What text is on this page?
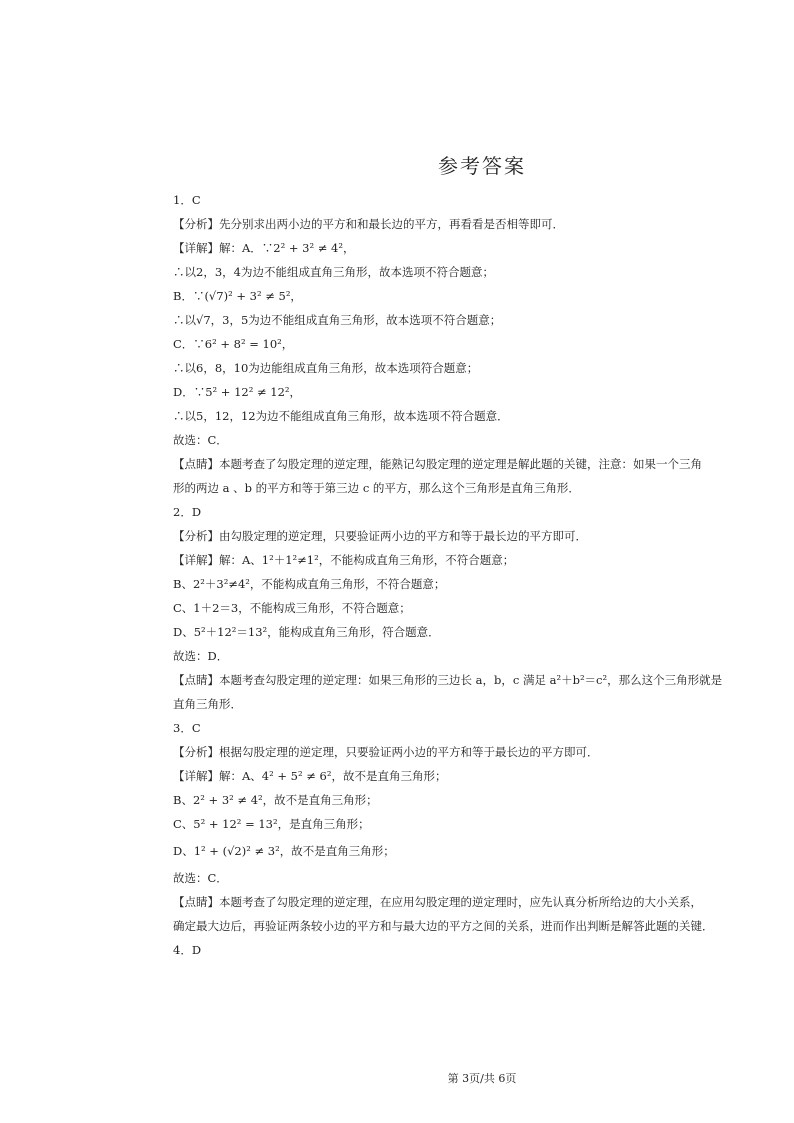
参考答案
1．C
【分析】先分别求出两小边的平方和和最长边的平方，再看看是否相等即可．
【详解】解：A．∵2² + 3² ≠ 4²，
∴以2，3，4为边不能组成直角三角形，故本选项不符合题意；
B．∵(√7)² + 3² ≠ 5²，
∴以√7，3，5为边不能组成直角三角形，故本选项不符合题意；
C．∵6² + 8² = 10²，
∴以6，8，10为边能组成直角三角形，故本选项符合题意；
D．∵5² + 12² ≠ 12²，
∴以5，12，12为边不能组成直角三角形，故本选项不符合题意．
故选：C．
【点睛】本题考查了勾股定理的逆定理，能熟记勾股定理的逆定理是解此题的关键，注意：如果一个三角
形的两边 a 、b 的平方和等于第三边 c 的平方，那么这个三角形是直角三角形．
2．D
【分析】由勾股定理的逆定理，只要验证两小边的平方和等于最长边的平方即可．
【详解】解：A、1²＋1²≠1²，不能构成直角三角形，不符合题意；
B、2²＋3²≠4²，不能构成直角三角形，不符合题意；
C、1＋2＝3，不能构成三角形，不符合题意；
D、5²＋12²＝13²，能构成直角三角形，符合题意．
故选：D．
【点睛】本题考查勾股定理的逆定理：如果三角形的三边长 a，b，c 满足 a²＋b²＝c²，那么这个三角形就是
直角三角形．
3．C
【分析】根据勾股定理的逆定理，只要验证两小边的平方和等于最长边的平方即可．
【详解】解：A、4² + 5² ≠ 6²，故不是直角三角形；
B、2² + 3² ≠ 4²，故不是直角三角形；
C、5² + 12² = 13²，是直角三角形；
D、1² + (√2)² ≠ 3²，故不是直角三角形；
故选：C．
【点睛】本题考查了勾股定理的逆定理，在应用勾股定理的逆定理时，应先认真分析所给边的大小关系，
确定最大边后，再验证两条较小边的平方和与最大边的平方之间的关系，进而作出判断是解答此题的关键．
4．D
第 3页/共 6页
